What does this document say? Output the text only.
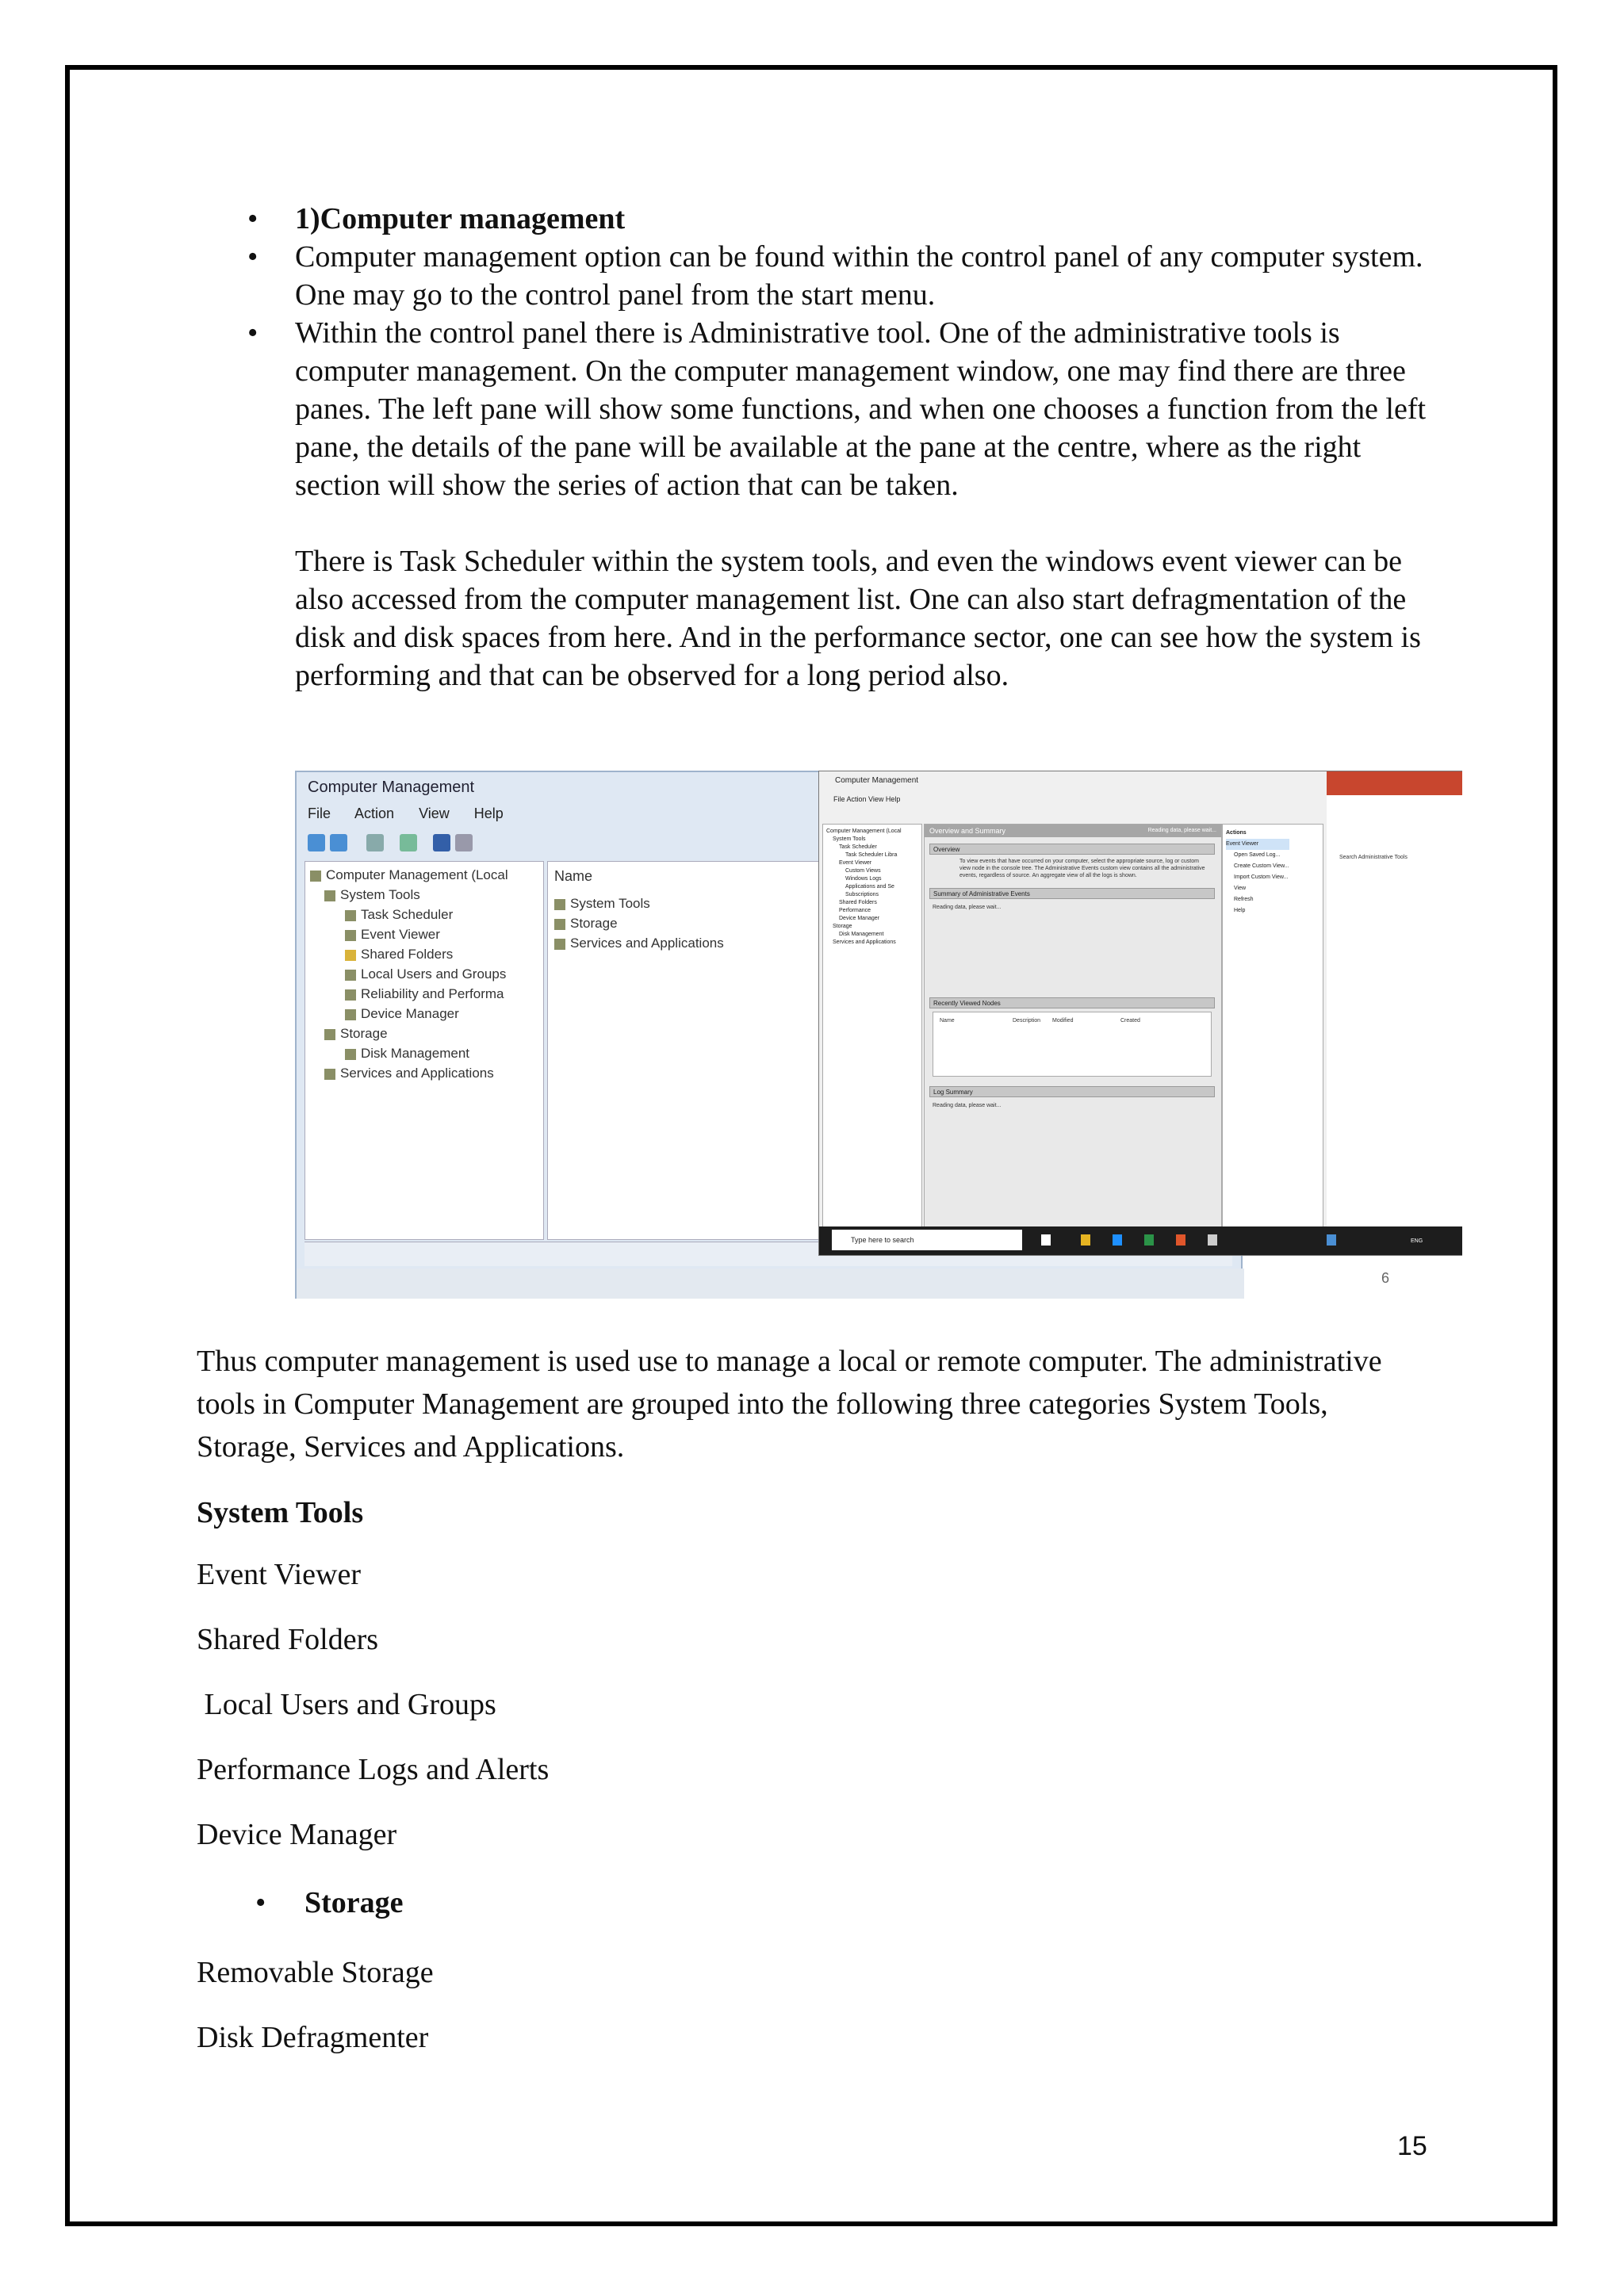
• 1)Computer management
• Computer management option can be found within the control panel of any computer system. One may go to the control panel from the start menu.
• Within the control panel there is Administrative tool. One of the administrative tools is computer management. On the computer management window, one may find there are three panes. The left pane will show some functions, and when one chooses a function from the left pane, the details of the pane will be available at the pane at the centre, where as the right section will show the series of action that can be taken.
There is Task Scheduler within the system tools, and even the windows event viewer can be also accessed from the computer management list. One can also start defragmentation of the disk and disk spaces from here. And in the performance sector, one can see how the system is performing and that can be observed for a long period also.
Computer Management
File Action View Help
Computer Management (Local
System Tools
Task Scheduler
Event Viewer
Shared Folders
Local Users and Groups
Reliability and Performa
Device Manager
Storage
Disk Management
Services and Applications
Name
System Tools
Storage
Services and Applications
Computer Management
File Action View Help
Computer Management (Local
System Tools
Task Scheduler
Task Scheduler Libra
Event Viewer
Custom Views
Windows Logs
Applications and Se
Subscriptions
Shared Folders
Performance
Device Manager
Storage
Disk Management
Services and Applications
Overview and Summary	Reading data, please wait...
Overview
To view events that have occurred on your computer, select the appropriate source, log or custom view node in the console tree. The Administrative Events custom view contains all the administrative events, regardless of source. An aggregate view of all the logs is shown.
Summary of Administrative Events
Reading data, please wait...
Recently Viewed Nodes
Name	Description Modified	Created
Log Summary
Reading data, please wait...
Actions
Event Viewer
Open Saved Log...
Create Custom View...
Import Custom View...
View
Refresh
Help
Search Administrative Tools
Type here to search	ENG
6
Thus computer management is used use to manage a local or remote computer. The administrative tools in Computer Management are grouped into the following three categories System Tools, Storage, Services and Applications.
System Tools
Event Viewer
Shared Folders
Local Users and Groups
Performance Logs and Alerts
Device Manager
• Storage
Removable Storage
Disk Defragmenter
15
